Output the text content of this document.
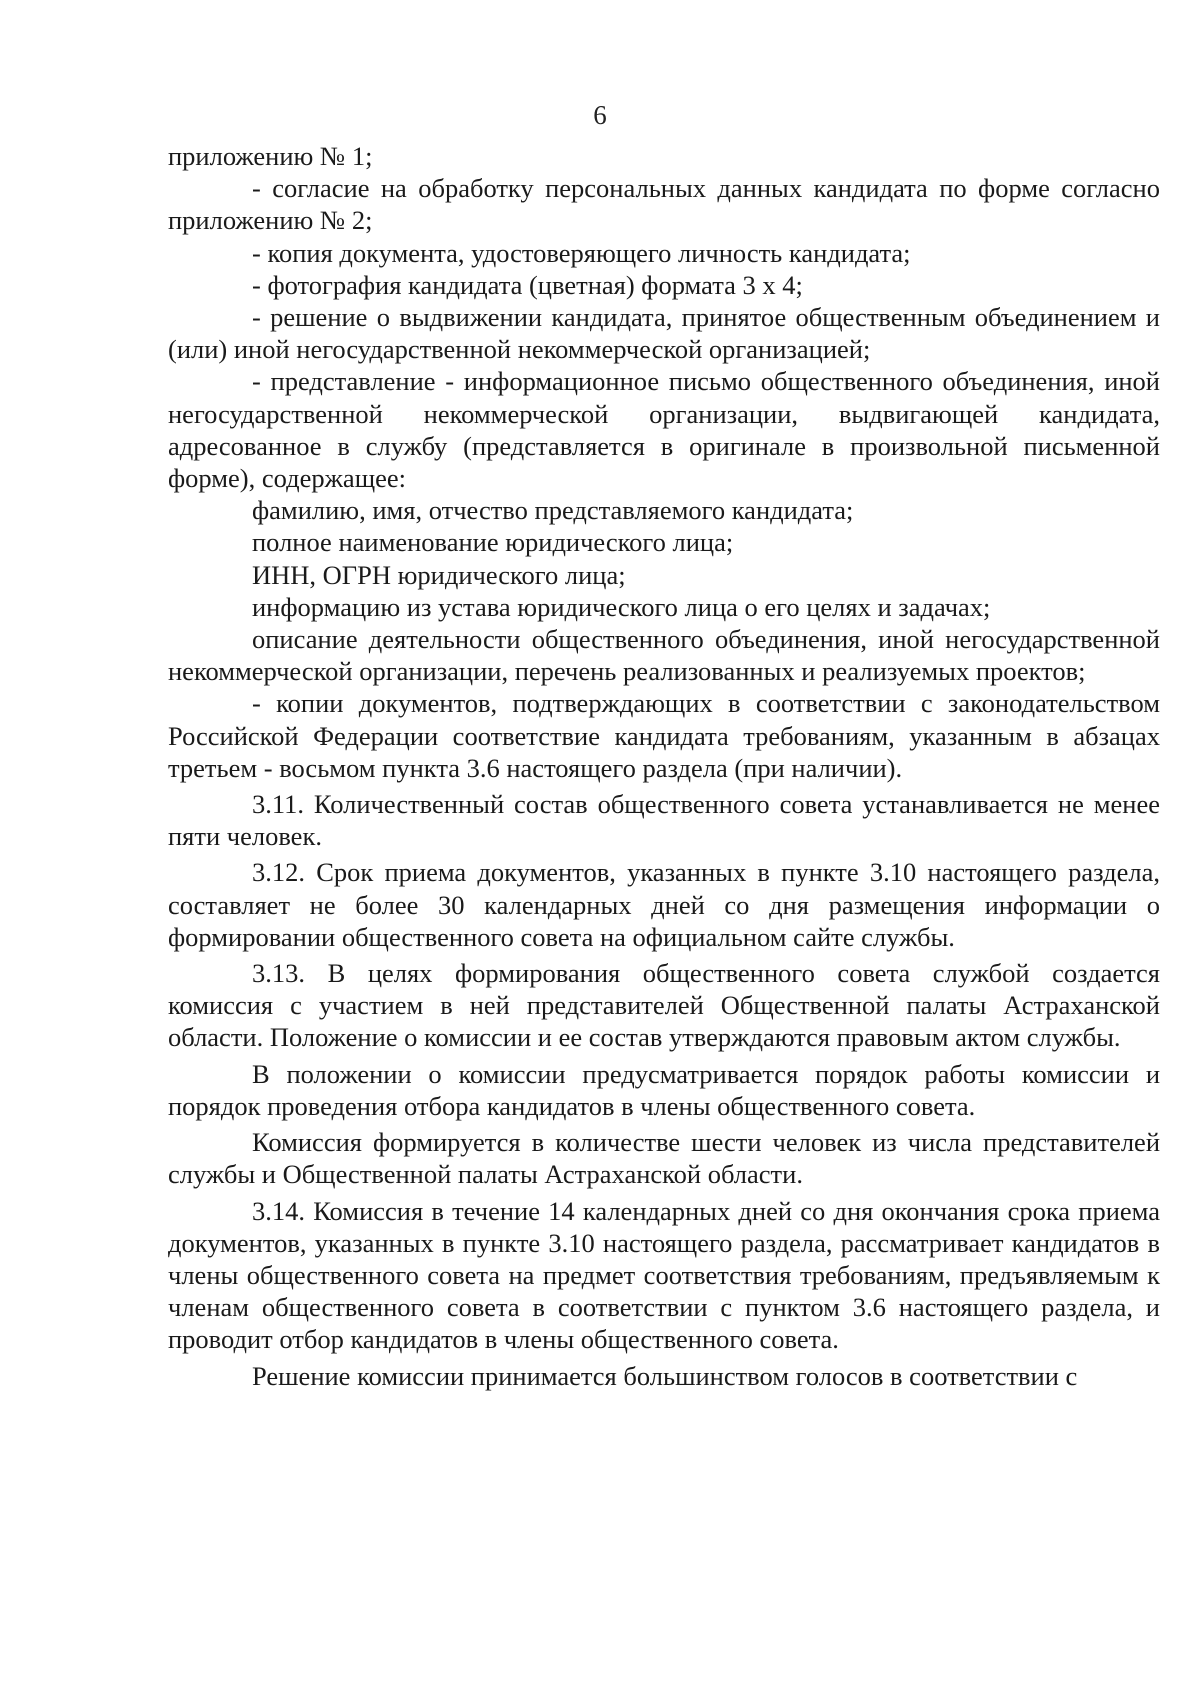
6

приложению № 1;

- согласие на обработку персональных данных кандидата по форме согласно приложению № 2;

- копия документа, удостоверяющего личность кандидата;

- фотография кандидата (цветная) формата 3 х 4;

- решение о выдвижении кандидата, принятое общественным объединением и (или) иной негосударственной некоммерческой организацией;

- представление - информационное письмо общественного объединения, иной негосударственной некоммерческой организации, выдвигающей кандидата, адресованное в службу (представляется в оригинале в произвольной письменной форме), содержащее:

фамилию, имя, отчество представляемого кандидата;

полное наименование юридического лица;

ИНН, ОГРН юридического лица;

информацию из устава юридического лица о его целях и задачах;

описание деятельности общественного объединения, иной негосударственной некоммерческой организации, перечень реализованных и реализуемых проектов;

- копии документов, подтверждающих в соответствии с законодательством Российской Федерации соответствие кандидата требованиям, указанным в абзацах третьем - восьмом пункта 3.6 настоящего раздела (при наличии).

3.11. Количественный состав общественного совета устанавливается не менее пяти человек.

3.12. Срок приема документов, указанных в пункте 3.10 настоящего раздела, составляет не более 30 календарных дней со дня размещения информации о формировании общественного совета на официальном сайте службы.

3.13. В целях формирования общественного совета службой создается комиссия с участием в ней представителей Общественной палаты Астраханской области. Положение о комиссии и ее состав утверждаются правовым актом службы.

В положении о комиссии предусматривается порядок работы комиссии и порядок проведения отбора кандидатов в члены общественного совета.

Комиссия формируется в количестве шести человек из числа представителей службы и Общественной палаты Астраханской области.

3.14. Комиссия в течение 14 календарных дней со дня окончания срока приема документов, указанных в пункте 3.10 настоящего раздела, рассматривает кандидатов в члены общественного совета на предмет соответствия требованиям, предъявляемым к членам общественного совета в соответствии с пунктом 3.6 настоящего раздела, и проводит отбор кандидатов в члены общественного совета.

Решение комиссии принимается большинством голосов в соответствии с
